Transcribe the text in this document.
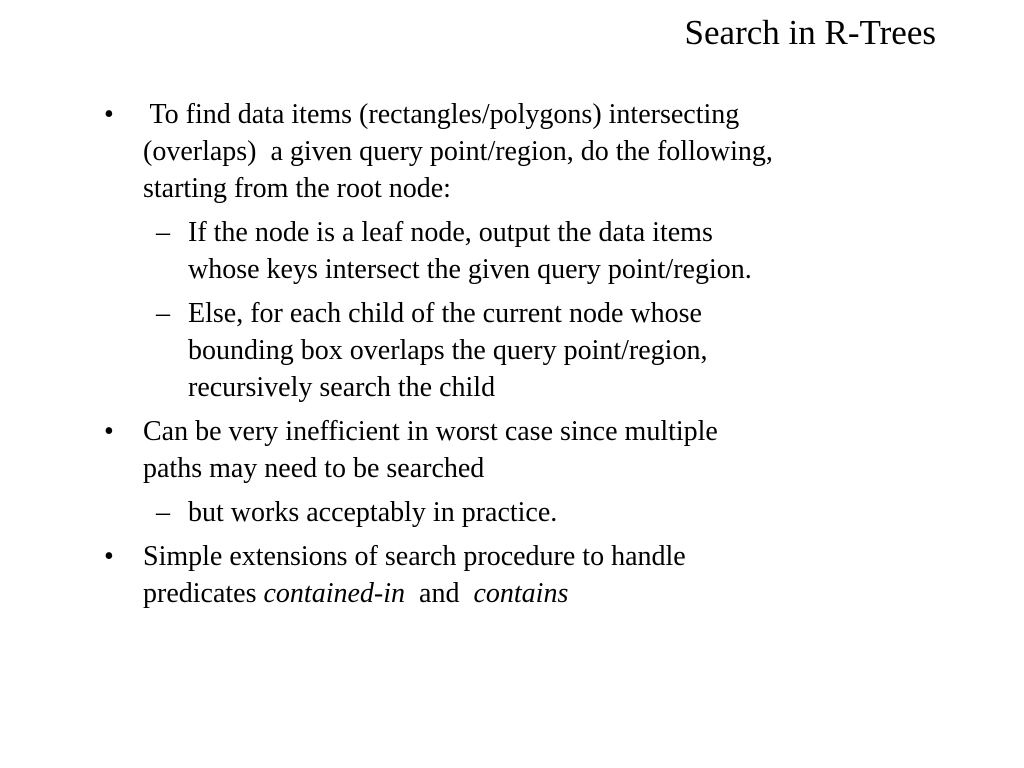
Search in R-Trees
• To find data items (rectangles/polygons) intersecting
(overlaps)  a given query point/region, do the following,
starting from the root node:
– If the node is a leaf node, output the data items
whose keys intersect the given query point/region.
– Else, for each child of the current node whose
bounding box overlaps the query point/region,
recursively search the child
• Can be very inefficient in worst case since multiple
paths may need to be searched
– but works acceptably in practice.
• Simple extensions of search procedure to handle
predicates contained-in  and  contains
